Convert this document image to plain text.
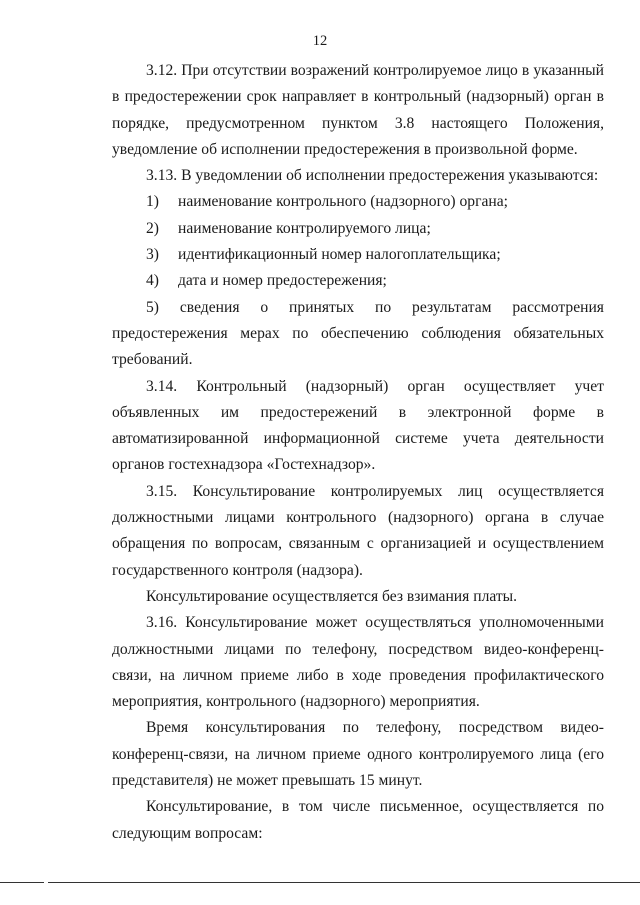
12

3.12. При отсутствии возражений контролируемое лицо в указанный в предостережении срок направляет в контрольный (надзорный) орган в порядке, предусмотренном пунктом 3.8 настоящего Положения, уведомление об исполнении предостережения в произвольной форме.

3.13. В уведомлении об исполнении предостережения указываются:

1)	наименование контрольного (надзорного) органа;
2)	наименование контролируемого лица;
3)	идентификационный номер налогоплательщика;
4)	дата и номер предостережения;

5) сведения о принятых по результатам рассмотрения предостережения мерах по обеспечению соблюдения обязательных требований.

3.14. Контрольный (надзорный) орган осуществляет учет объявленных им предостережений в электронной форме в автоматизированной информационной системе учета деятельности органов гостехнадзора «Гостехнадзор».

3.15. Консультирование контролируемых лиц осуществляется должностными лицами контрольного (надзорного) органа в случае обращения по вопросам, связанным с организацией и осуществлением государственного контроля (надзора).

Консультирование осуществляется без взимания платы.

3.16. Консультирование может осуществляться уполномоченными должностными лицами по телефону, посредством видео-конференц-связи, на личном приеме либо в ходе проведения профилактического мероприятия, контрольного (надзорного) мероприятия.

Время консультирования по телефону, посредством видео-конференц-связи, на личном приеме одного контролируемого лица (его представителя) не может превышать 15 минут.

Консультирование, в том числе письменное, осуществляется по следующим вопросам:
